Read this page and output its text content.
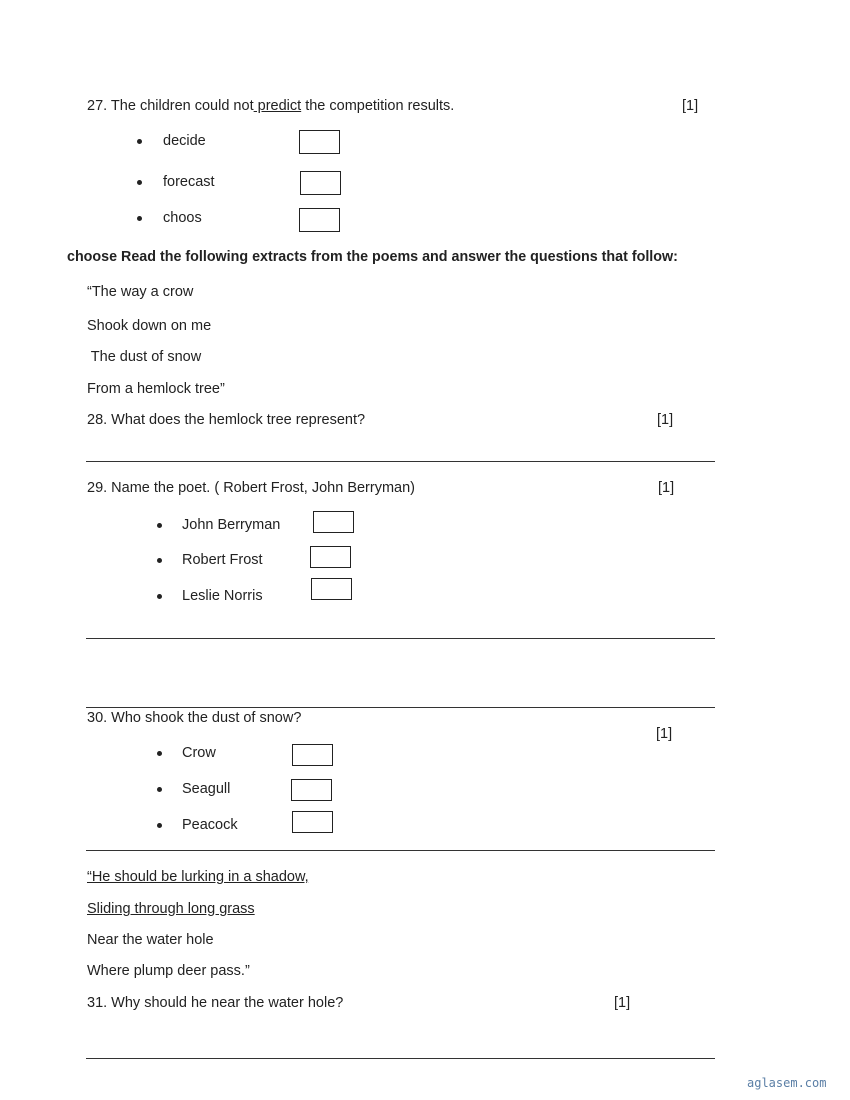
27. The children could not predict the competition results.	[1]
decide
forecast
choos
choose Read the following extracts from the poems and answer the questions that follow:
“The way a crow
Shook down on me
The dust of snow
From a hemlock tree”
28. What does the hemlock tree represent?	[1]
29. Name the poet. ( Robert Frost, John Berryman)	[1]
John Berryman
Robert Frost
Leslie Norris
30. Who shook the dust of snow?
[1]
Crow
Seagull
Peacock
“He should be lurking in a shadow,
Sliding through long grass
Near the water hole
Where plump deer pass.”
31. Why should he near the water hole?	[1]
aglasem.com
